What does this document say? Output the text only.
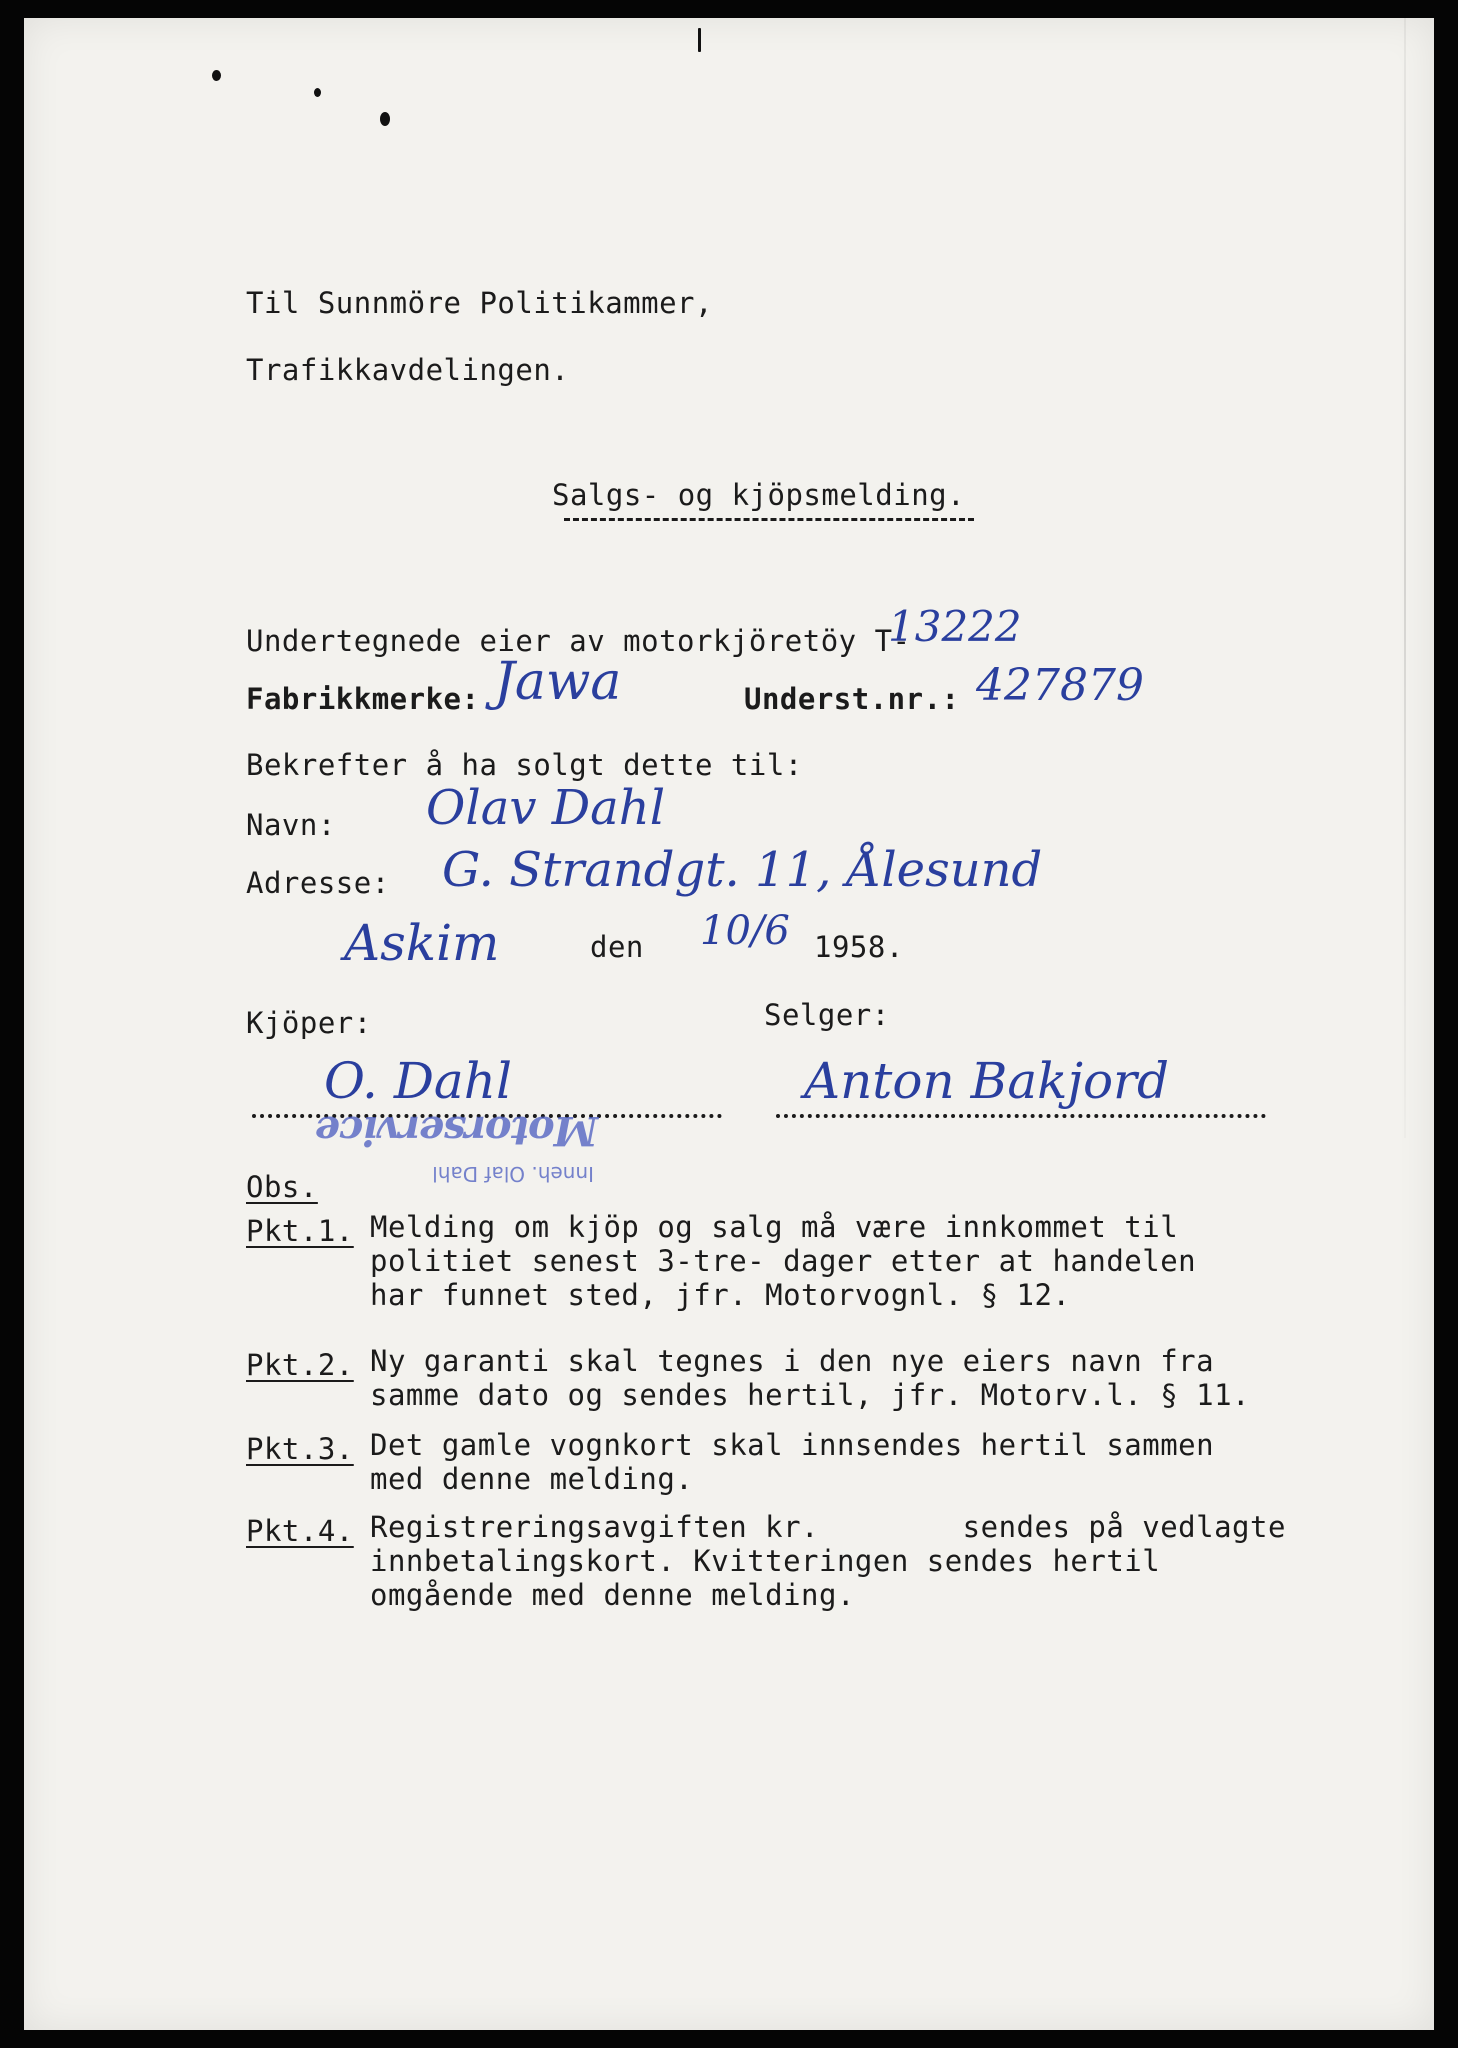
Til Sunnmöre Politikammer,
Trafikkavdelingen.
Salgs- og kjöpsmelding.
Undertegnede eier av motorkjöretöy T-
13222
Fabrikkmerke: Jawa	Underst.nr.: 427879
Bekrefter å ha solgt dette til:
Navn: Olav Dahl
Adresse: G. Strandgt. 11, Ålesund
Askim	den 10/6 1958.
Kjöper:	Selger:
O. Dahl	Anton Bakjord
Inneh. Olaf Dahl
Motorservice
Obs.
Pkt.1. Melding om kjöp og salg må være innkommet til
politiet senest 3-tre- dager etter at handelen
har funnet sted, jfr. Motorvognl. § 12.
Pkt.2. Ny garanti skal tegnes i den nye eiers navn fra
samme dato og sendes hertil, jfr. Motorv.l. § 11.
Pkt.3. Det gamle vognkort skal innsendes hertil sammen
med denne melding.
Pkt.4. Registreringsavgiften kr.        sendes på vedlagte
innbetalingskort. Kvitteringen sendes hertil
omgående med denne melding.
